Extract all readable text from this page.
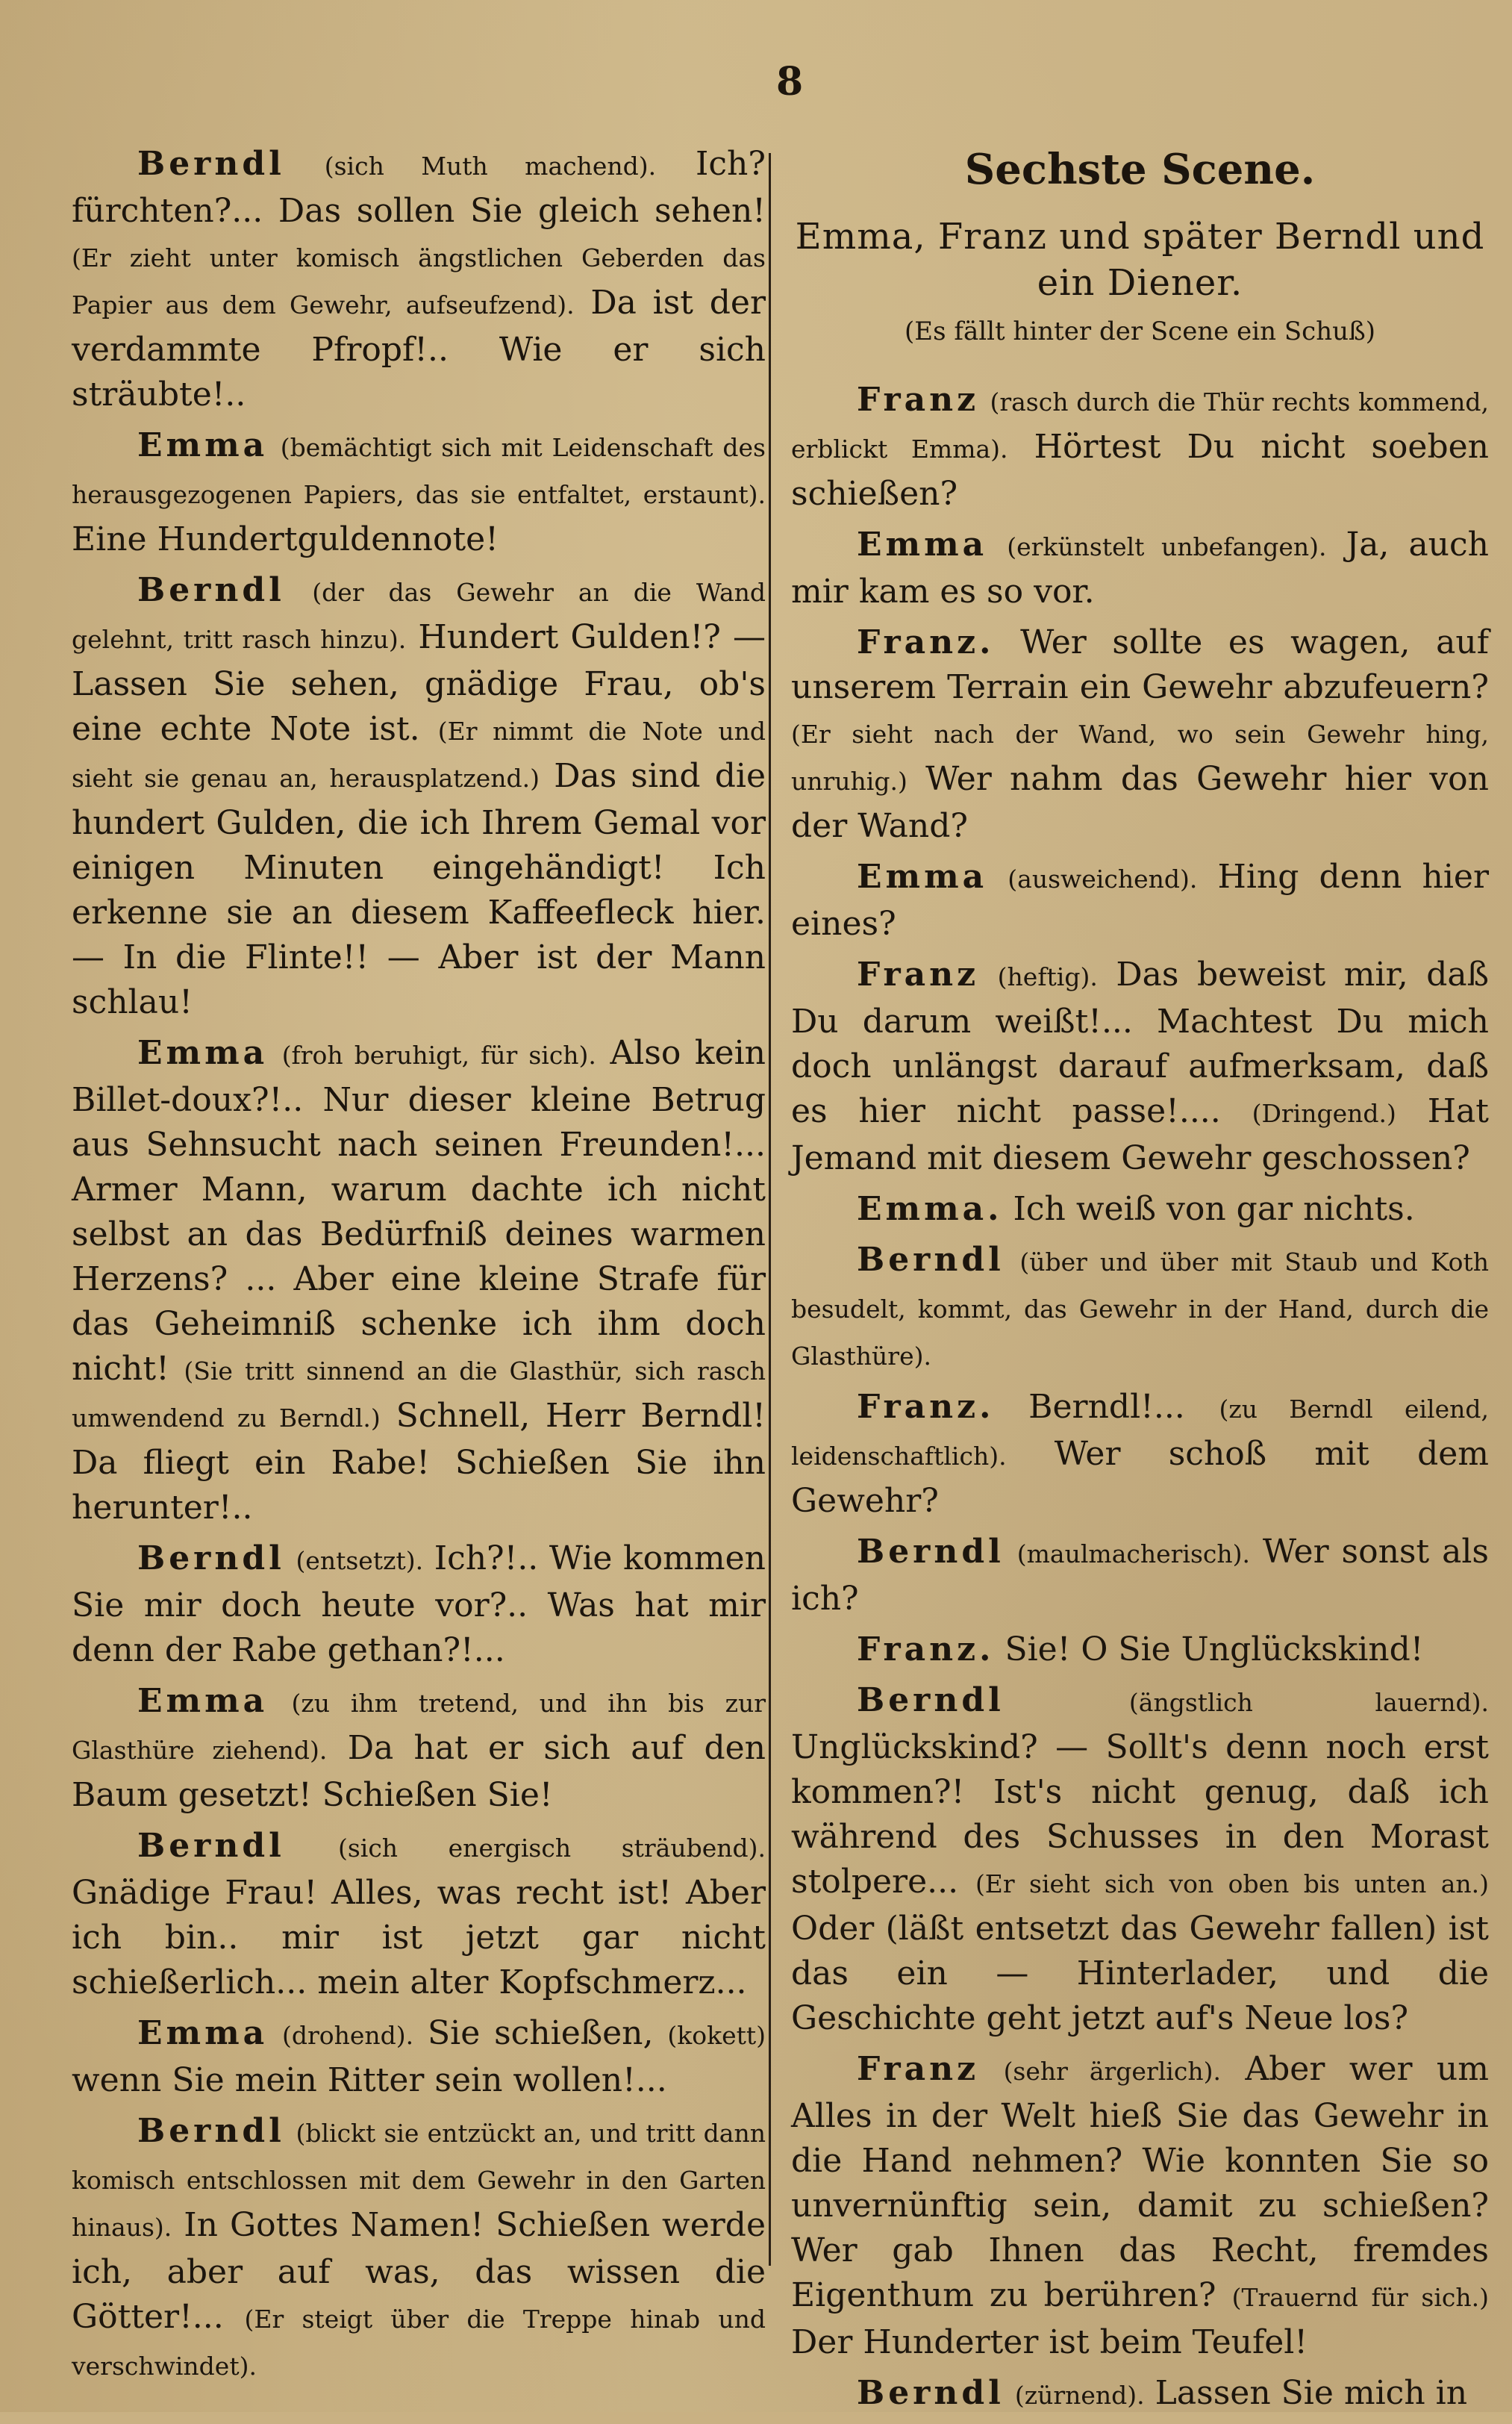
8

Berndl (sich Muth machend). Ich? fürchten?... Das sollen Sie gleich sehen! (Er zieht unter komisch ängstlichen Geberden das Papier aus dem Gewehr, aufseufzend). Da ist der verdammte Pfropf!.. Wie er sich sträubte!..

Emma (bemächtigt sich mit Leidenschaft des herausgezogenen Papiers, das sie entfaltet, erstaunt). Eine Hundertguldennote!

Berndl (der das Gewehr an die Wand gelehnt, tritt rasch hinzu). Hundert Gulden!? — Lassen Sie sehen, gnädige Frau, ob's eine echte Note ist. (Er nimmt die Note und sieht sie genau an, herausplatzend.) Das sind die hundert Gulden, die ich Ihrem Gemal vor einigen Minuten eingehändigt! Ich erkenne sie an diesem Kaffeefleck hier. — In die Flinte!! — Aber ist der Mann schlau!

Emma (froh beruhigt, für sich). Also kein Billet-doux?!.. Nur dieser kleine Betrug aus Sehnsucht nach seinen Freunden!... Armer Mann, warum dachte ich nicht selbst an das Bedürfniß deines warmen Herzens? ... Aber eine kleine Strafe für das Geheimniß schenke ich ihm doch nicht! (Sie tritt sinnend an die Glasthür, sich rasch umwendend zu Berndl.) Schnell, Herr Berndl! Da fliegt ein Rabe! Schießen Sie ihn herunter!..

Berndl (entsetzt). Ich?!.. Wie kommen Sie mir doch heute vor?.. Was hat mir denn der Rabe gethan?!...

Emma (zu ihm tretend, und ihn bis zur Glasthüre ziehend). Da hat er sich auf den Baum gesetzt! Schießen Sie!

Berndl (sich energisch sträubend). Gnädige Frau! Alles, was recht ist! Aber ich bin.. mir ist jetzt gar nicht schießerlich... mein alter Kopfschmerz...

Emma (drohend). Sie schießen, (kokett) wenn Sie mein Ritter sein wollen!...

Berndl (blickt sie entzückt an, und tritt dann komisch entschlossen mit dem Gewehr in den Garten hinaus). In Gottes Namen! Schießen werde ich, aber auf was, das wissen die Götter!... (Er steigt über die Treppe hinab und verschwindet).

Sechste Scene.
Emma, Franz und später Berndl und ein Diener.
(Es fällt hinter der Scene ein Schuß)

Franz (rasch durch die Thür rechts kommend, erblickt Emma). Hörtest Du nicht soeben schießen?

Emma (erkünstelt unbefangen). Ja, auch mir kam es so vor.

Franz. Wer sollte es wagen, auf unserem Terrain ein Gewehr abzufeuern? (Er sieht nach der Wand, wo sein Gewehr hing, unruhig.) Wer nahm das Gewehr hier von der Wand?

Emma (ausweichend). Hing denn hier eines?

Franz (heftig). Das beweist mir, daß Du darum weißt!... Machtest Du mich doch unlängst darauf aufmerksam, daß es hier nicht passe!.... (Dringend.) Hat Jemand mit diesem Gewehr geschossen?

Emma. Ich weiß von gar nichts.

Berndl (über und über mit Staub und Koth besudelt, kommt, das Gewehr in der Hand, durch die Glasthüre).

Franz. Berndl!... (zu Berndl eilend, leidenschaftlich). Wer schoß mit dem Gewehr?

Berndl (maulmacherisch). Wer sonst als ich?

Franz. Sie! O Sie Unglückskind!

Berndl	(ängstlich lauernd). Unglückskind? — Sollt's denn noch erst kommen?! Ist's nicht genug, daß ich während des Schusses in den Morast stolpere... (Er sieht sich von oben bis unten an.) Oder (läßt entsetzt das Gewehr fallen) ist das ein — Hinterlader, und die Geschichte geht jetzt auf's Neue los?

Franz (sehr ärgerlich). Aber wer um Alles in der Welt hieß Sie das Gewehr in die Hand nehmen? Wie konnten Sie so unvernünftig sein, damit zu schießen? Wer gab Ihnen das Recht, fremdes Eigenthum zu berühren? (Trauernd für sich.) Der Hunderter ist beim Teufel!

Berndl (zürnend). Lassen Sie mich in
